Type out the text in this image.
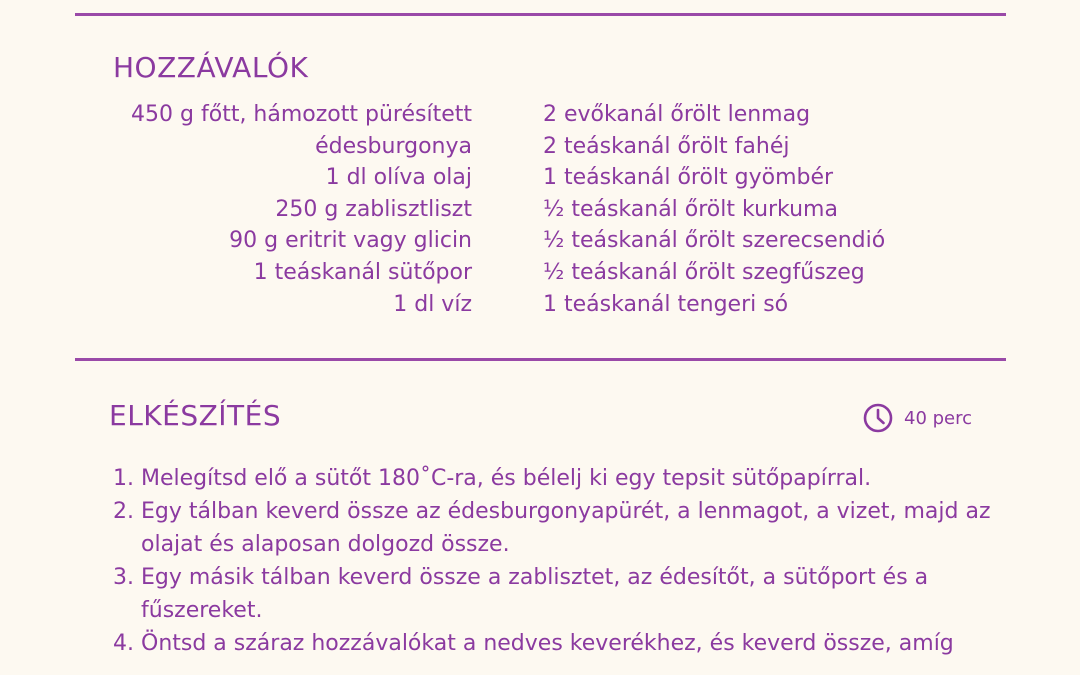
HOZZÁVALÓK
450 g főtt, hámozott pürésített
édesburgonya
1 dl olíva olaj
250 g zablisztliszt
90 g eritrit vagy glicin
1 teáskanál sütőpor
1 dl víz
2 evőkanál őrölt lenmag
2 teáskanál őrölt fahéj
1 teáskanál őrölt gyömbér
½ teáskanál őrölt kurkuma
½ teáskanál őrölt szerecsendió
½ teáskanál őrölt szegfűszeg
1 teáskanál tengeri só
ELKÉSZÍTÉS	40 perc
1. Melegítsd elő a sütőt 180˚C-ra, és bélelj ki egy tepsit sütőpapírral.
2. Egy tálban keverd össze az édesburgonyapürét, a lenmagot, a vizet, majd az olajat és alaposan dolgozd össze.
3. Egy másik tálban keverd össze a zablisztet, az édesítőt, a sütőport és a fűszereket.
4. Öntsd a száraz hozzávalókat a nedves keverékhez, és keverd össze, amíg
